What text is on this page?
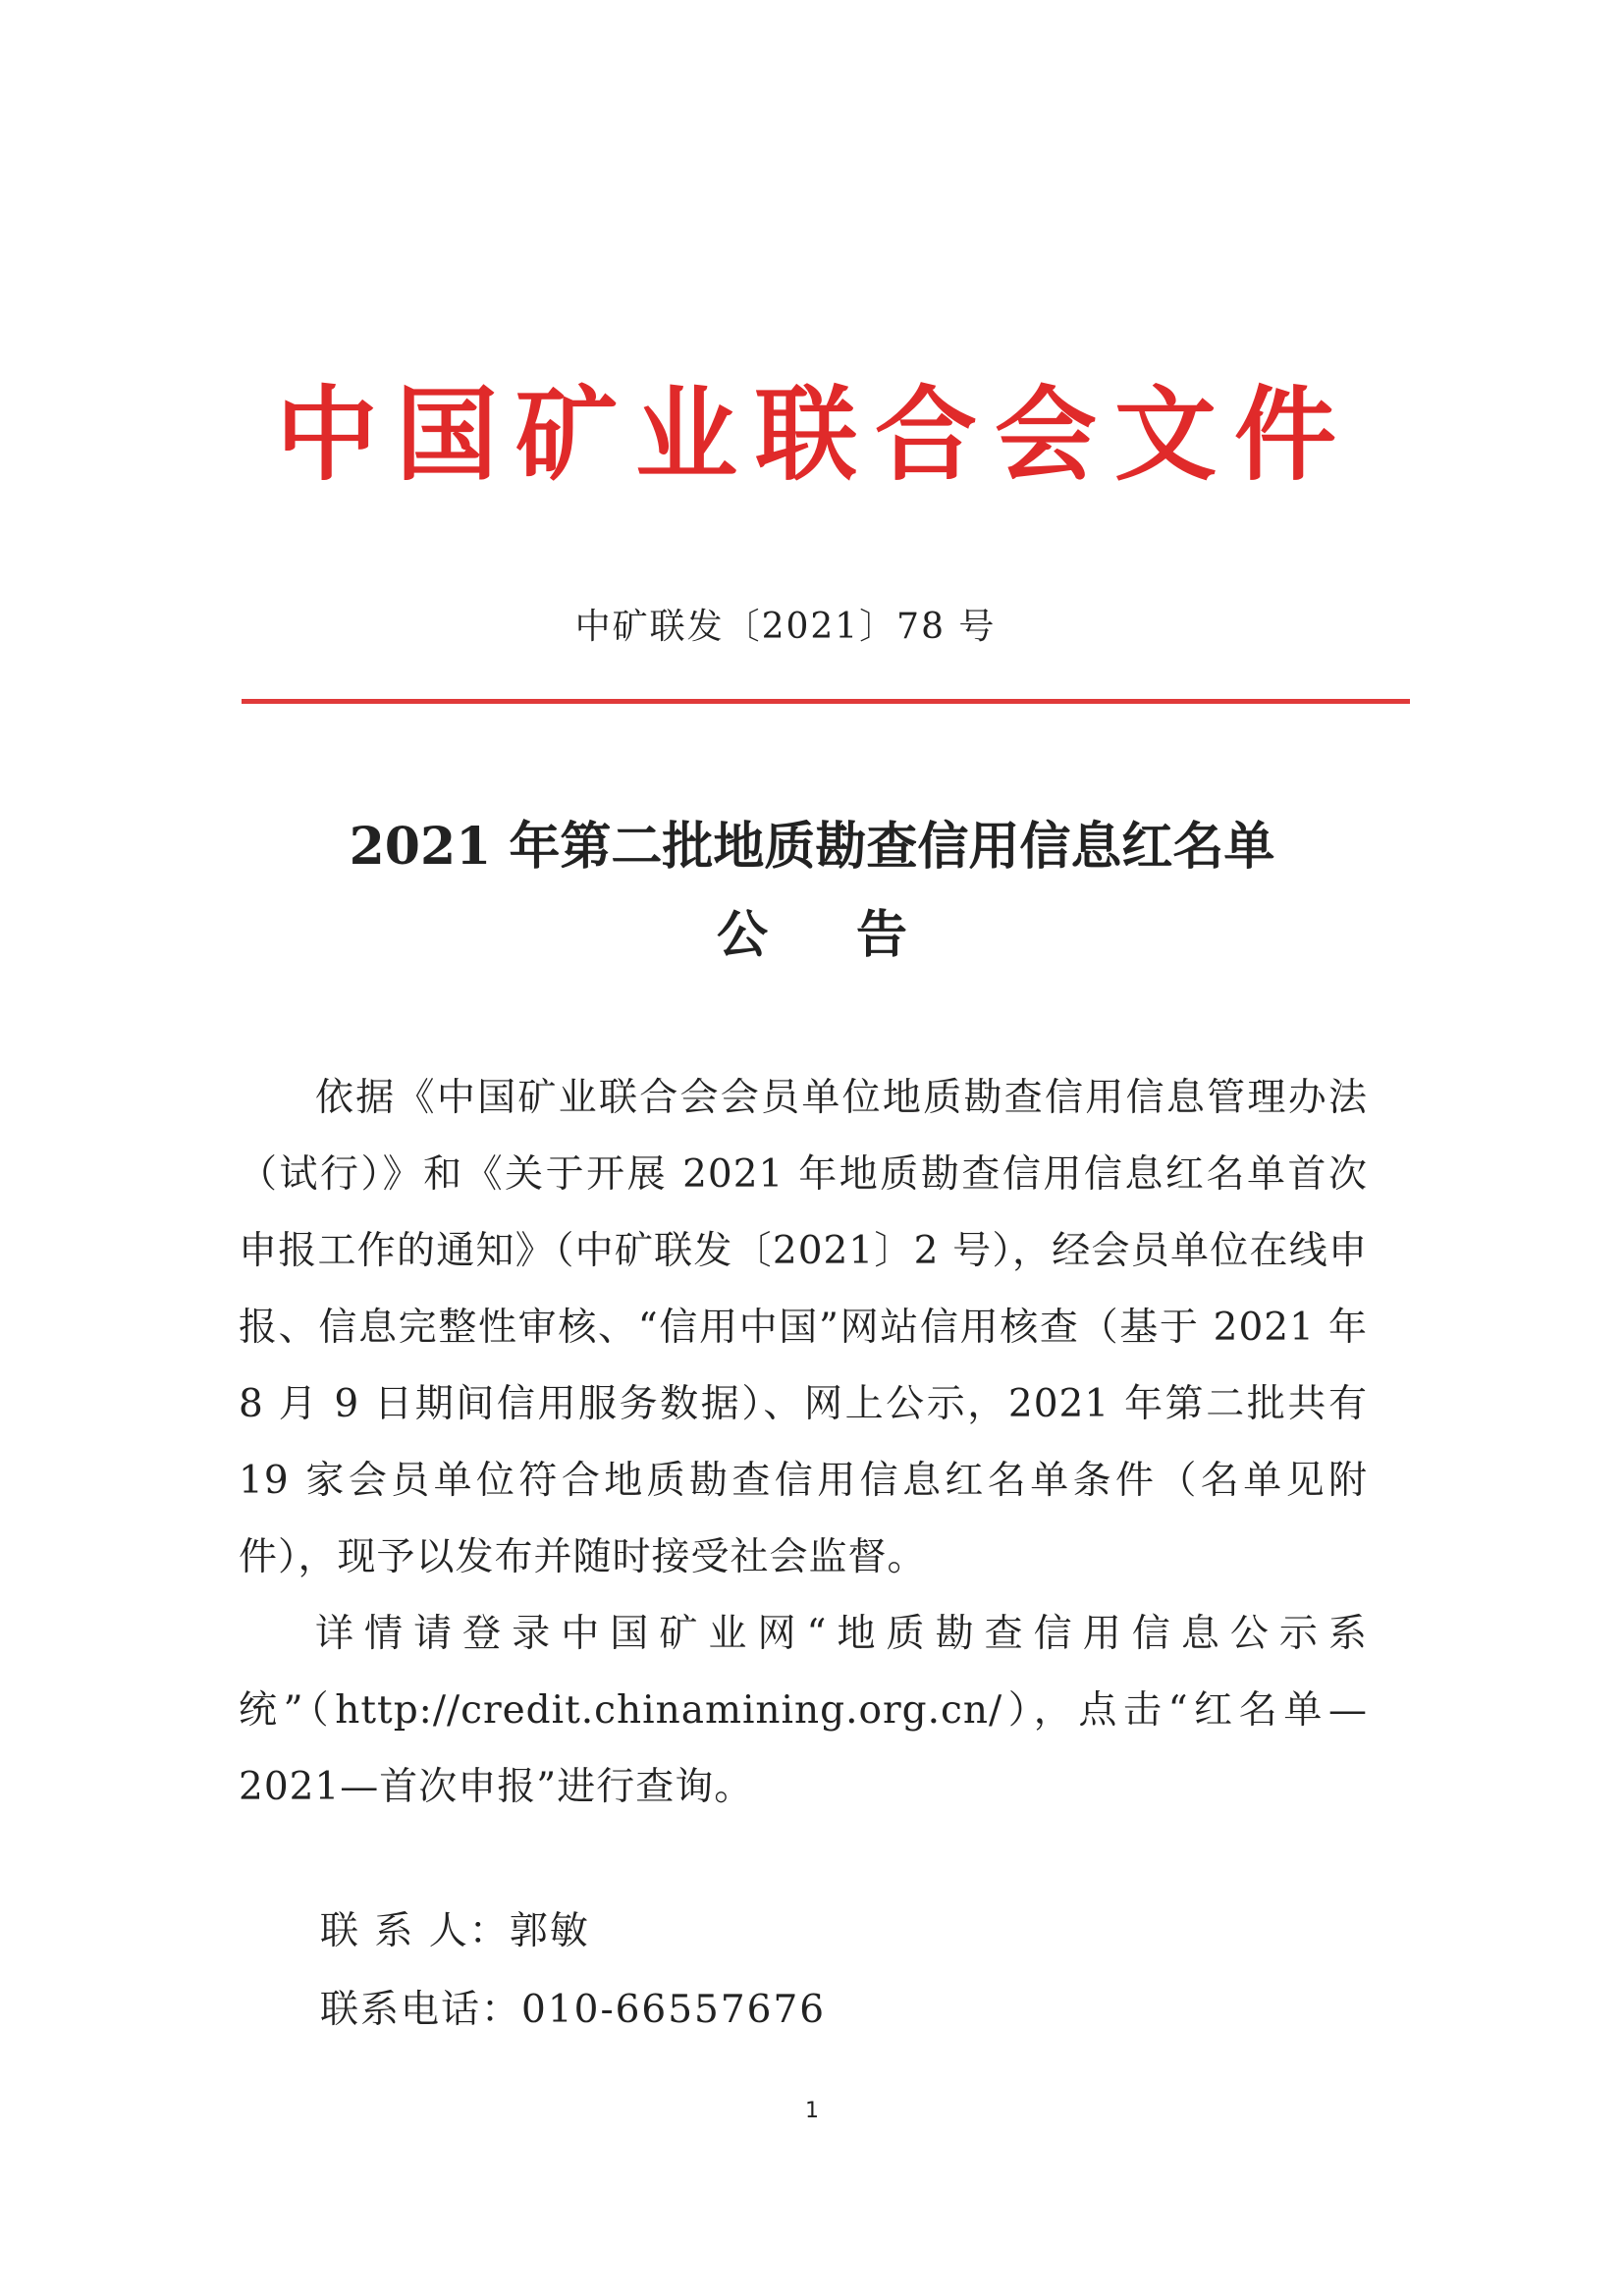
中国矿业联合会文件
中矿联发〔2021〕78 号
2021 年第二批地质勘查信用信息红名单
公告

依据《中国矿业联合会会员单位地质勘查信用信息管理办法（试行）》和《关于开展 2021 年地质勘查信用信息红名单首次申报工作的通知》（中矿联发〔2021〕2 号），经会员单位在线申报、信息完整性审核、“信用中国”网站信用核查（基于 2021 年 8 月 9 日期间信用服务数据）、网上公示，2021 年第二批共有 19 家会员单位符合地质勘查信用信息红名单条件（名单见附件），现予以发布并随时接受社会监督。

详情请登录中国矿业网“地质勘查信用信息公示系统”（http://credit.chinamining.org.cn/），点击“红名单—2021—首次申报”进行查询。

联 系 人：郭敏
联系电话：010-66557676
1
